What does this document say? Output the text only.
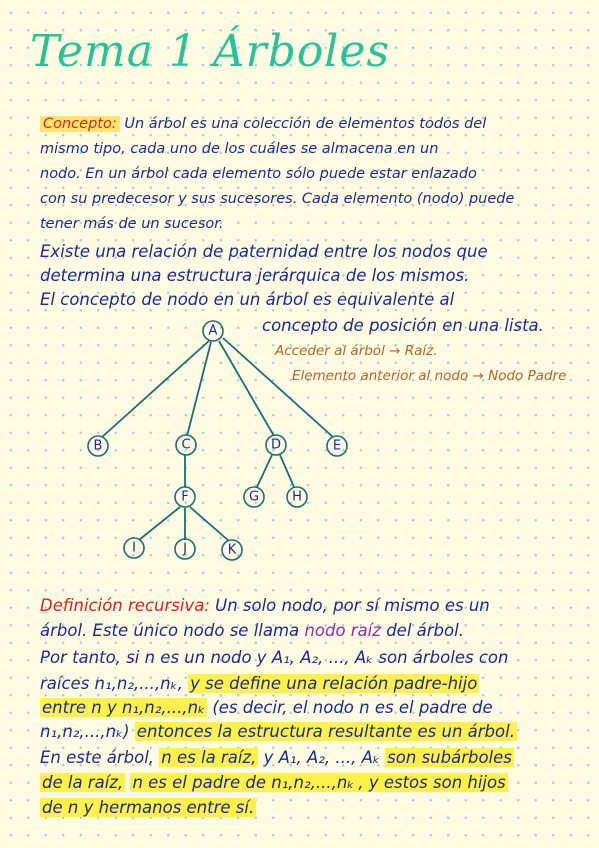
Tema 1 Árboles
Concepto: Un árbol es una colección de elementos todos del
mismo tipo, cada uno de los cuáles se almacena en un
nodo. En un árbol cada elemento sólo puede estar enlazado
con su predecesor y sus sucesores. Cada elemento (nodo) puede
tener más de un sucesor.
Existe una relación de paternidad entre los nodos que
determina una estructura jerárquica de los mismos.
El concepto de nodo en un árbol es equivalente al
concepto de posición en una lista.
Acceder al árbol → Raíz.
Elemento anterior al nodo → Nodo Padre
A
B	C	D	E
F	G	H
I	J	K
Definición recursiva: Un solo nodo, por sí mismo es un
árbol. Este único nodo se llama nodo raíz del árbol.
Por tanto, si n es un nodo y A₁, A₂, ..., Aₖ son árboles con
raíces n₁,n₂,...,nₖ, y se define una relación padre-hijo
entre n y n₁,n₂,...,nₖ (es decir, el nodo n es el padre de
n₁,n₂,...,nₖ) entonces la estructura resultante es un árbol.
En este árbol, n es la raíz, y A₁, A₂, ..., Aₖ son subárboles
de la raíz, n es el padre de n₁,n₂,...,nₖ , y estos son hijos
de n y hermanos entre sí.
